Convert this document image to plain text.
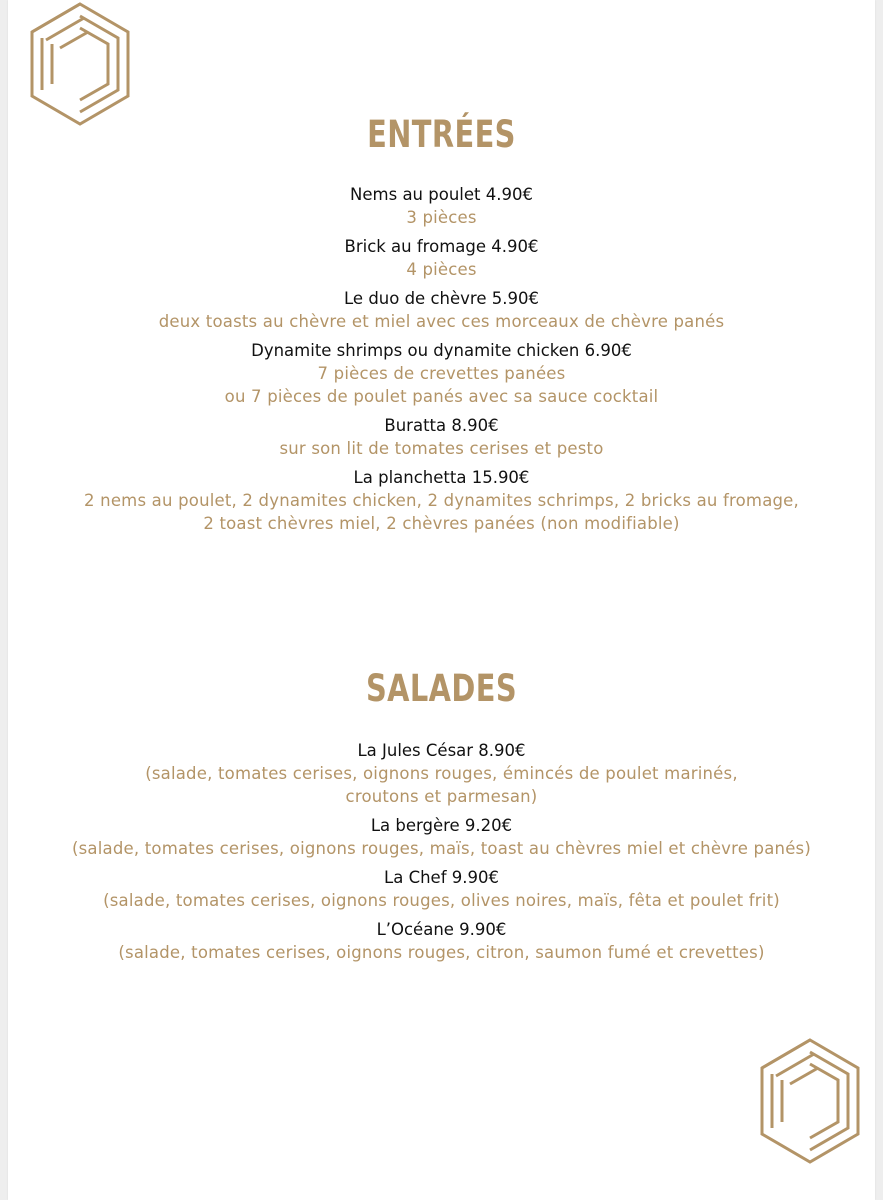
ENTRÉES
Nems au poulet 4.90€
3 pièces
Brick au fromage 4.90€
4 pièces
Le duo de chèvre 5.90€
deux toasts au chèvre et miel avec ces morceaux de chèvre panés
Dynamite shrimps ou dynamite chicken 6.90€
7 pièces de crevettes panées
ou 7 pièces de poulet panés avec sa sauce cocktail
Buratta 8.90€
sur son lit de tomates cerises et pesto
La planchetta 15.90€
2 nems au poulet, 2 dynamites chicken, 2 dynamites schrimps, 2 bricks au fromage,
2 toast chèvres miel, 2 chèvres panées (non modifiable)
SALADES
La Jules César 8.90€
(salade, tomates cerises, oignons rouges, émincés de poulet marinés,
croutons et parmesan)
La bergère 9.20€
(salade, tomates cerises, oignons rouges, maïs, toast au chèvres miel et chèvre panés)
La Chef 9.90€
(salade, tomates cerises, oignons rouges, olives noires, maïs, fêta et poulet frit)
L’Océane 9.90€
(salade, tomates cerises, oignons rouges, citron, saumon fumé et crevettes)
